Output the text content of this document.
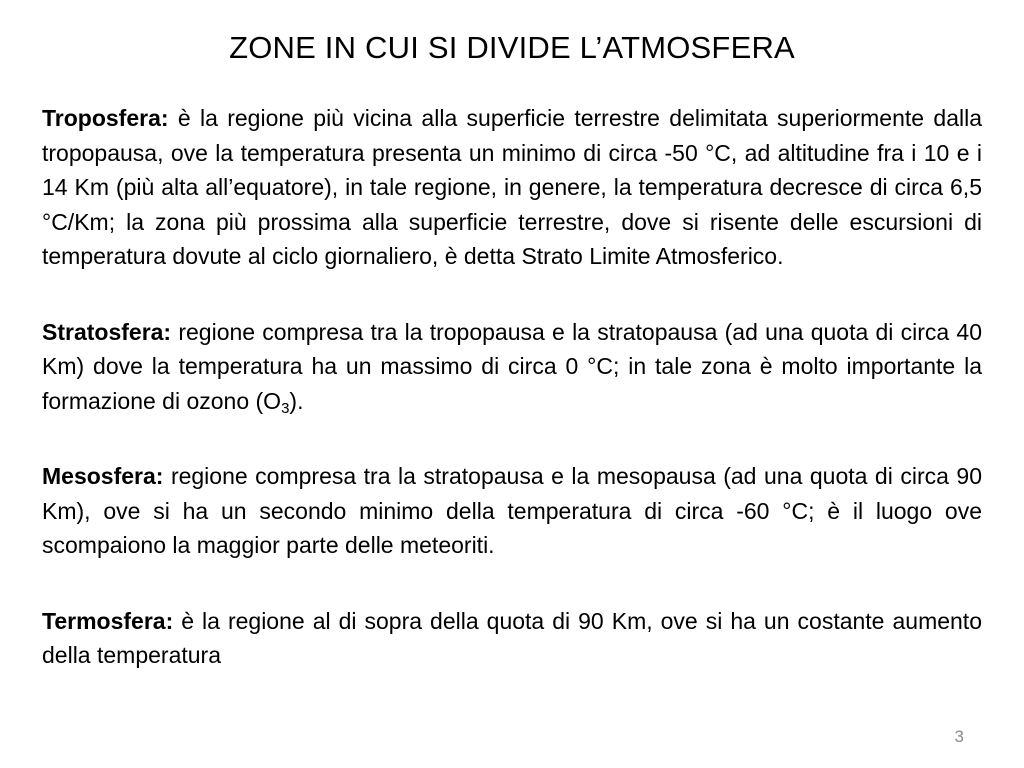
ZONE IN CUI SI DIVIDE L’ATMOSFERA

Troposfera: è la regione più vicina alla superficie terrestre delimitata superiormente dalla tropopausa, ove la temperatura presenta un minimo di circa -50 °C, ad altitudine fra i 10 e i 14 Km (più alta all’equatore), in tale regione, in genere, la temperatura decresce di circa 6,5 °C/Km; la zona più prossima alla superficie terrestre, dove si risente delle escursioni di temperatura dovute al ciclo giornaliero, è detta Strato Limite Atmosferico.

Stratosfera: regione compresa tra la tropopausa e la stratopausa (ad una quota di circa 40 Km) dove la temperatura ha un massimo di circa 0 °C; in tale zona è molto importante la formazione di ozono $(O_3)$.

Mesosfera: regione compresa tra la stratopausa e la mesopausa (ad una quota di circa 90 Km), ove si ha un secondo minimo della temperatura di circa -60 °C; è il luogo ove scompaiono la maggior parte delle meteoriti.

Termosfera: è la regione al di sopra della quota di 90 Km, ove si ha un costante aumento della temperatura

3
